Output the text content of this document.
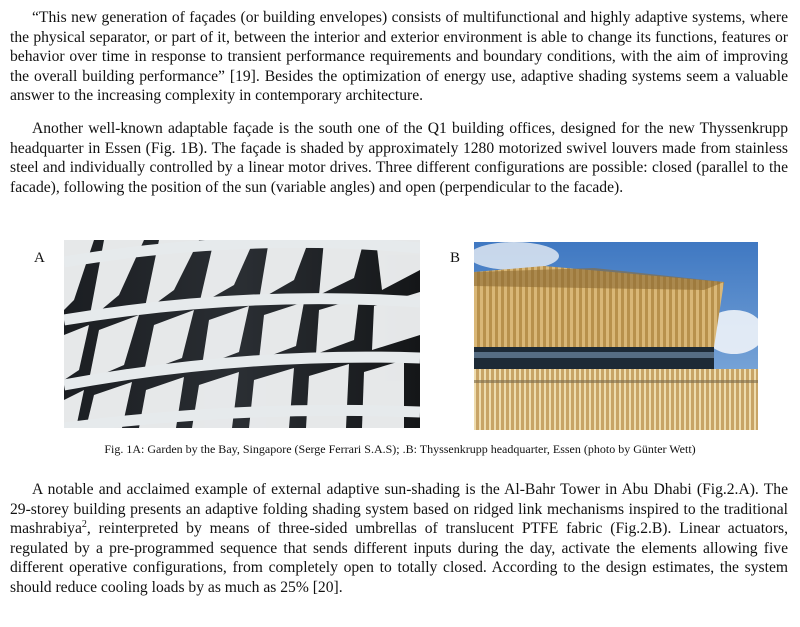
“This new generation of façades (or building envelopes) consists of multifunctional and highly adaptive systems, where the physical separator, or part of it, between the interior and exterior environment is able to change its functions, features or behavior over time in response to transient performance requirements and boundary conditions, with the aim of improving the overall building performance” [19]. Besides the optimization of energy use, adaptive shading systems seem a valuable answer to the increasing complexity in contemporary architecture.

Another well-known adaptable façade is the south one of the Q1 building offices, designed for the new Thyssenkrupp headquarter in Essen (Fig. 1B). The façade is shaded by approximately 1280 motorized swivel louvers made from stainless steel and individually controlled by a linear motor drives. Three different configurations are possible: closed (parallel to the facade), following the position of the sun (variable angles) and open (perpendicular to the facade).

A	B
Fig. 1A: Garden by the Bay, Singapore (Serge Ferrari S.A.S); .B: Thyssenkrupp headquarter, Essen (photo by Günter Wett)

A notable and acclaimed example of external adaptive sun-shading is the Al-Bahr Tower in Abu Dhabi (Fig.2.A). The 29-storey building presents an adaptive folding shading system based on ridged link mechanisms inspired to the traditional mashrabiya$^2$, reinterpreted by means of three-sided umbrellas of translucent PTFE fabric (Fig.2.B). Linear actuators, regulated by a pre-programmed sequence that sends different inputs during the day, activate the elements allowing five different operative configurations, from completely open to totally closed. According to the design estimates, the system should reduce cooling loads by as much as 25% [20].
